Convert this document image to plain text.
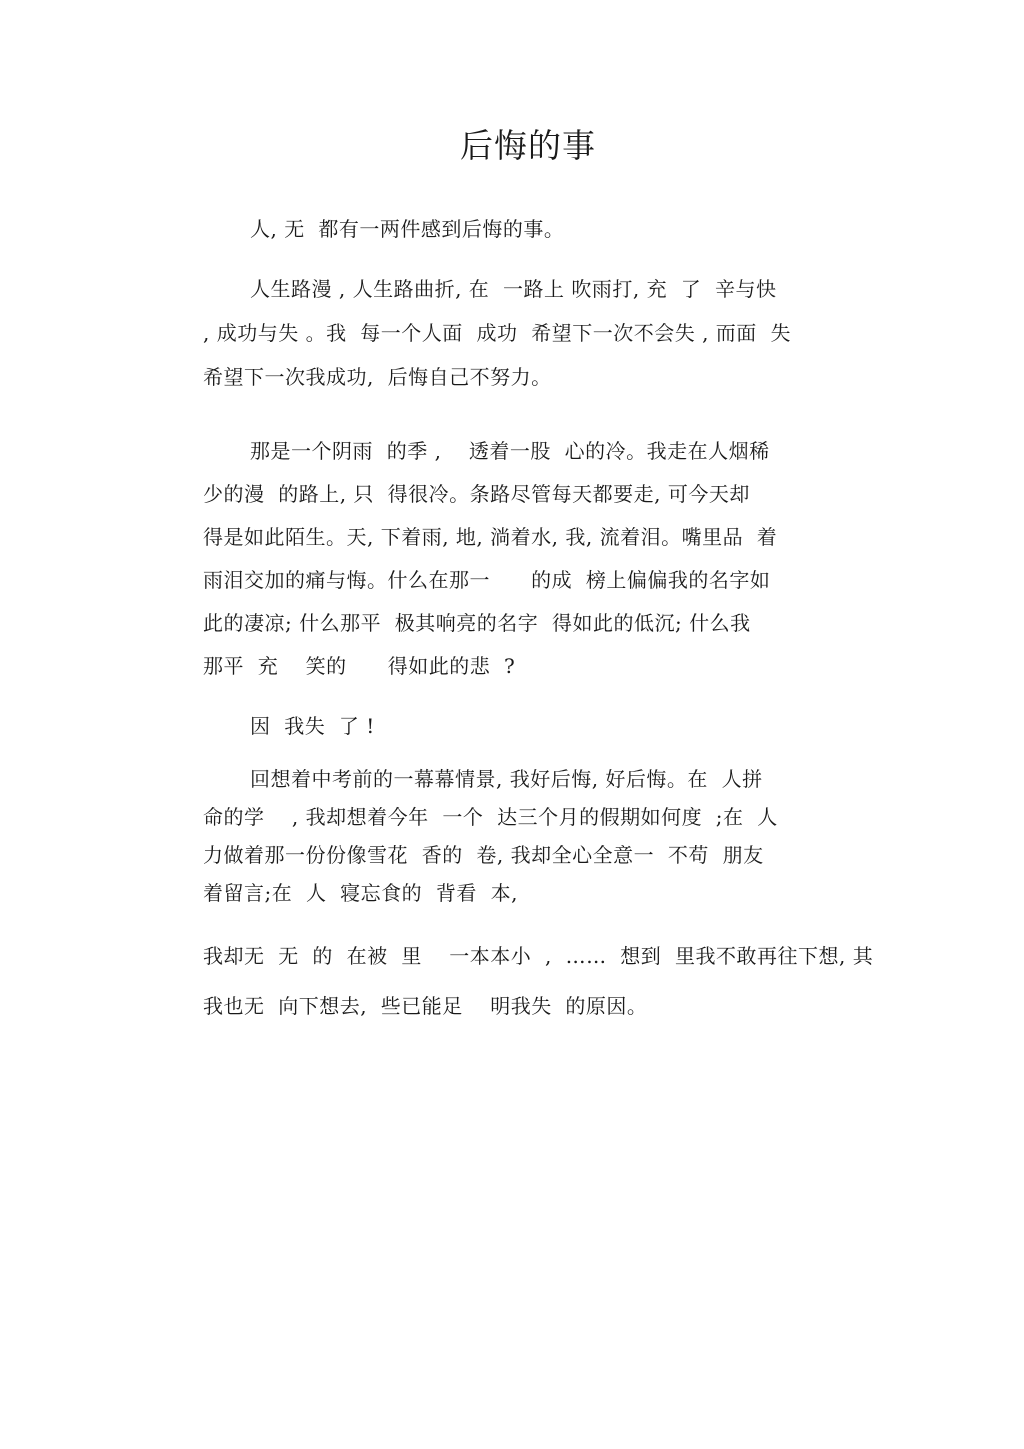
后悔的事

人, 无  都有一两件感到后悔的事。

人生路漫 , 人生路曲折, 在  一路上 吹雨打, 充  了  辛与快

, 成功与失 。我  每一个人面  成功  希望下一次不会失 , 而面  失

希望下一次我成功,  后悔自己不努力。

那是一个阴雨  的季 ,    透着一股  心的冷。我走在人烟稀

少的漫  的路上, 只  得很冷。条路尽管每天都要走, 可今天却

得是如此陌生。天, 下着雨, 地, 淌着水, 我, 流着泪。嘴里品  着

雨泪交加的痛与悔。什么在那一      的成  榜上偏偏我的名字如

此的凄凉; 什么那平  极其响亮的名字  得如此的低沉; 什么我

那平  充    笑的      得如此的悲  ?

因  我失  了 !

回想着中考前的一幕幕情景, 我好后悔, 好后悔。在  人拼

命的学    , 我却想着今年  一个  达三个月的假期如何度  ;在  人

力做着那一份份像雪花  香的  卷, 我却全心全意一  不苟  朋友

着留言;在  人  寝忘食的  背看  本,

我却无  无  的  在被  里    一本本小  ,  ……  想到  里我不敢再往下想, 其

我也无  向下想去,  些已能足    明我失  的原因。
